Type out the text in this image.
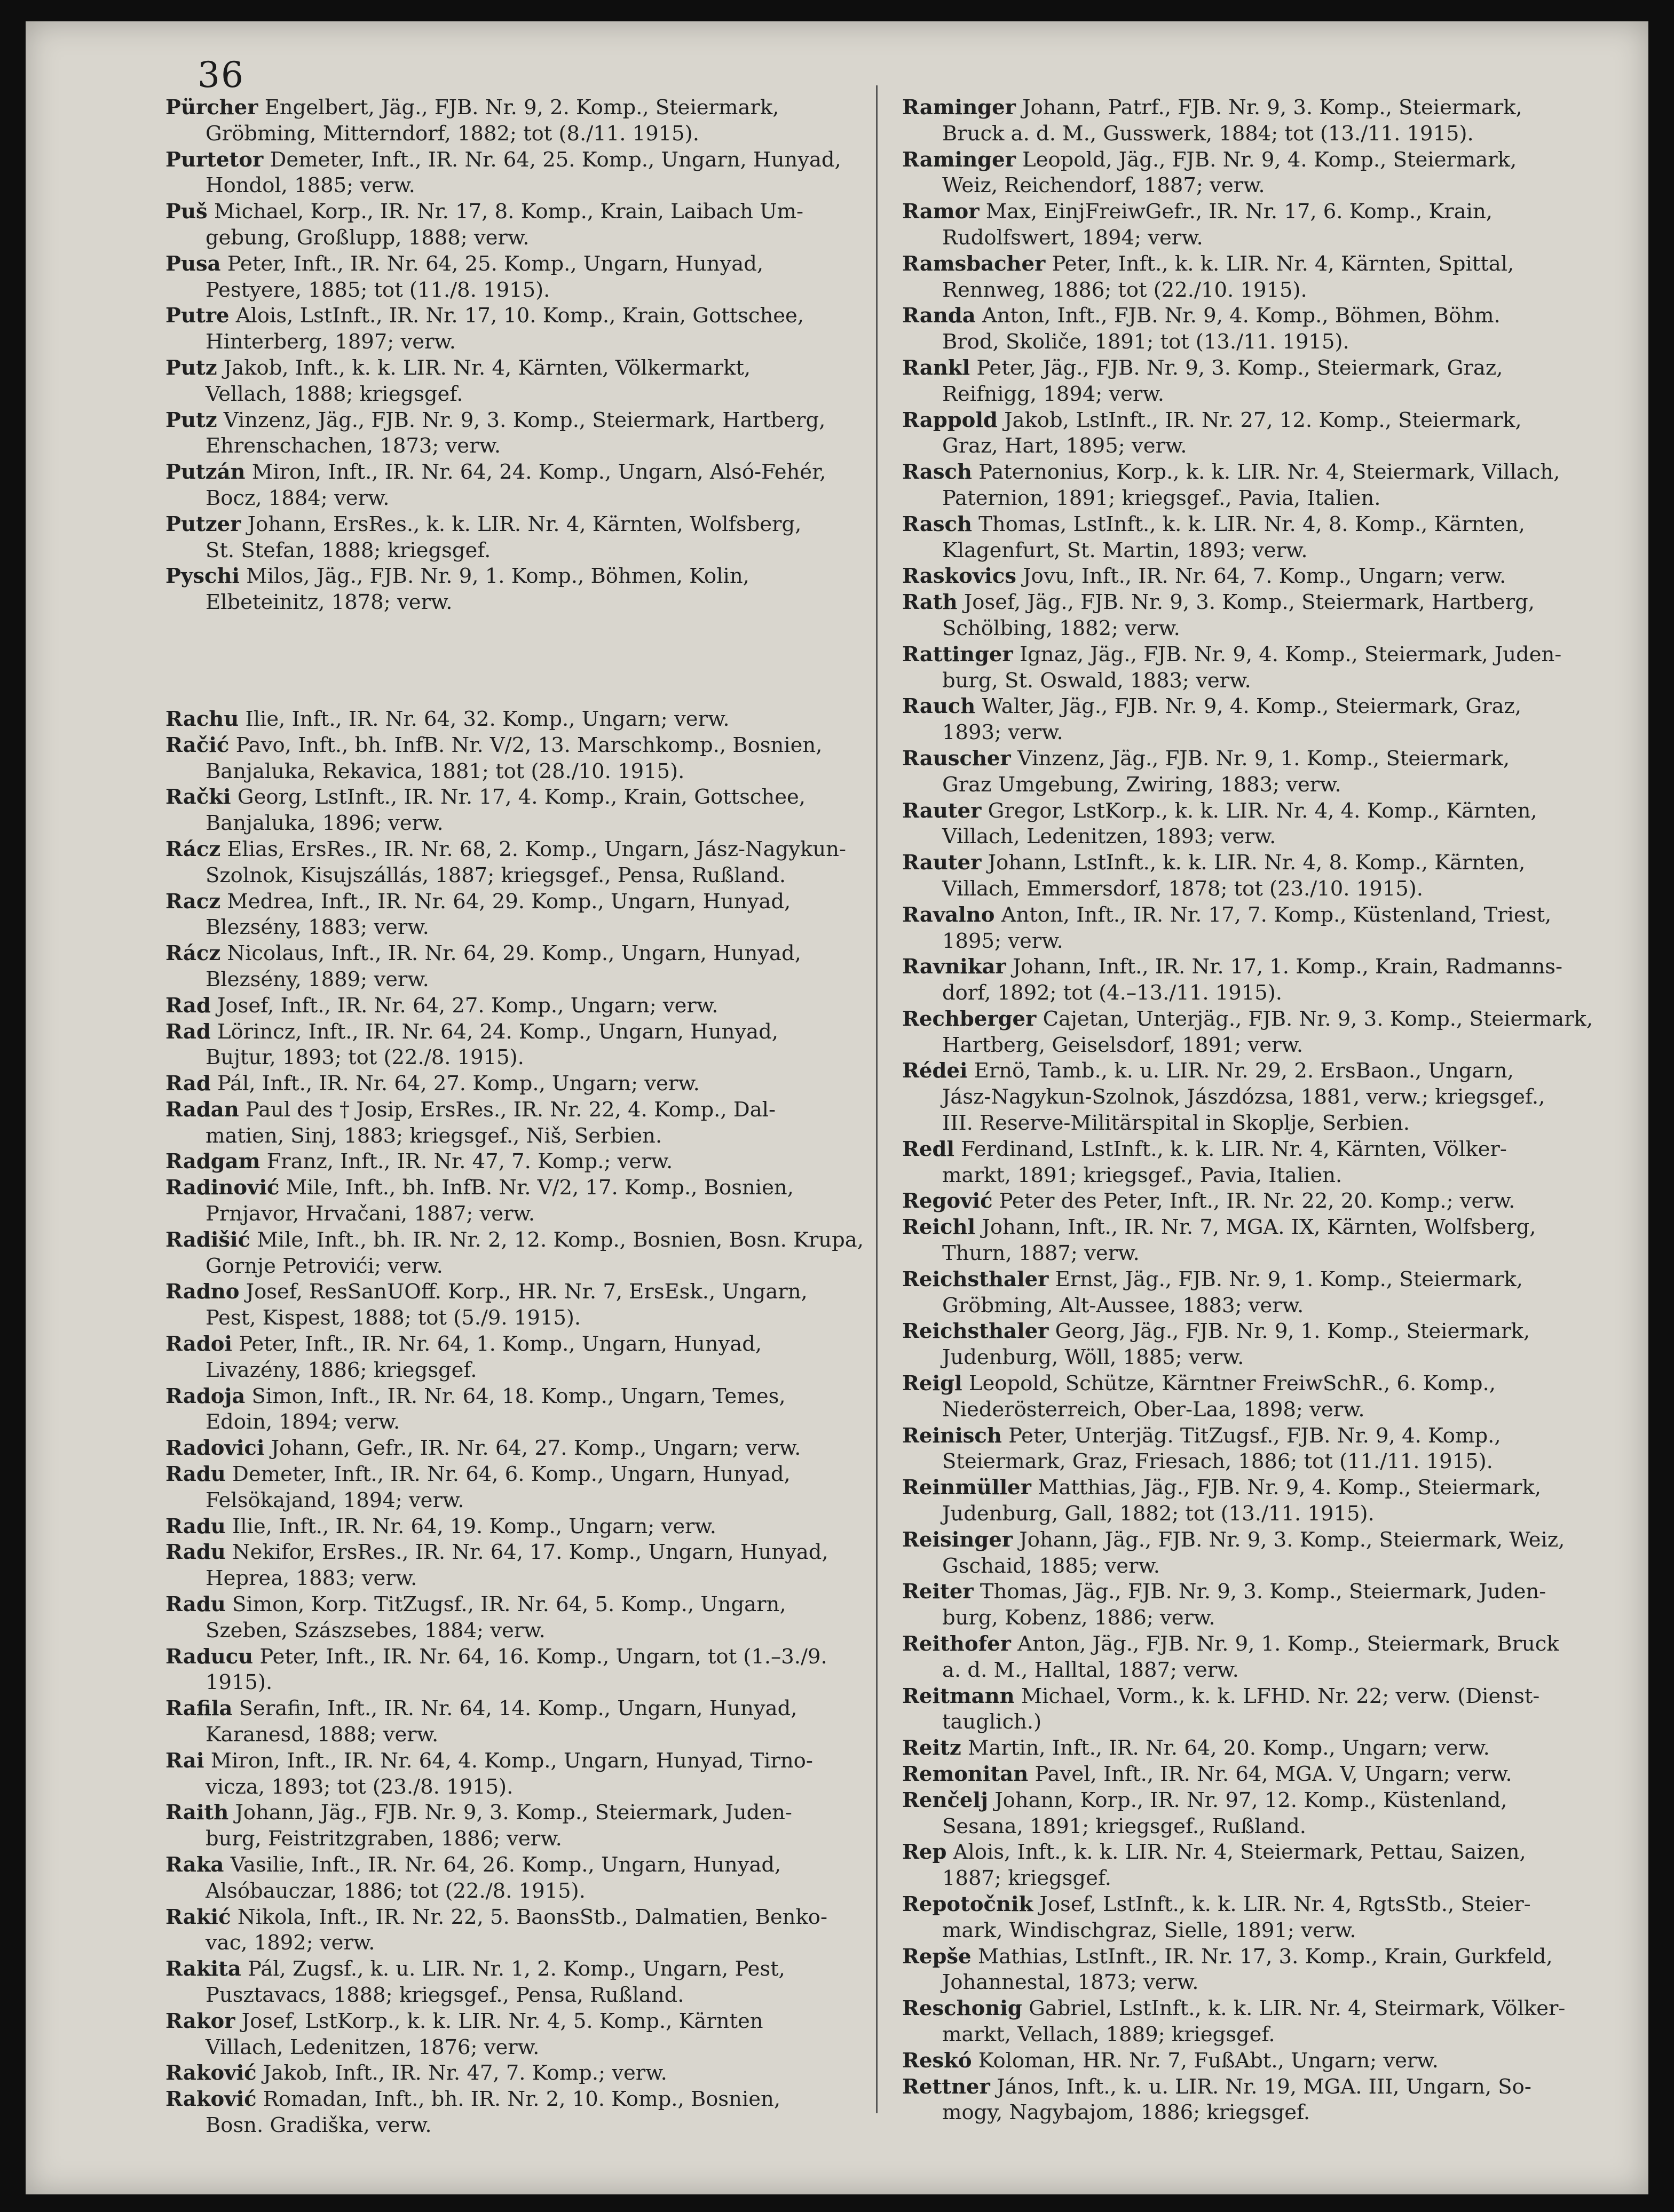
36

Pürcher Engelbert, Jäg., FJB. Nr. 9, 2. Komp., Steiermark,

Gröbming, Mitterndorf, 1882; tot (8./11. 1915).

Purtetor Demeter, Inft., IR. Nr. 64, 25. Komp., Ungarn, Hunyad,

Hondol, 1885; verw.

Puš Michael, Korp., IR. Nr. 17, 8. Komp., Krain, Laibach Um-

gebung, Großlupp, 1888; verw.

Pusa Peter, Inft., IR. Nr. 64, 25. Komp., Ungarn, Hunyad,

Pestyere, 1885; tot (11./8. 1915).

Putre Alois, LstInft., IR. Nr. 17, 10. Komp., Krain, Gottschee,

Hinterberg, 1897; verw.

Putz Jakob, Inft., k. k. LIR. Nr. 4, Kärnten, Völkermarkt,

Vellach, 1888; kriegsgef.

Putz Vinzenz, Jäg., FJB. Nr. 9, 3. Komp., Steiermark, Hartberg,

Ehrenschachen, 1873; verw.

Putzán Miron, Inft., IR. Nr. 64, 24. Komp., Ungarn, Alsó-Fehér,

Bocz, 1884; verw.

Putzer Johann, ErsRes., k. k. LIR. Nr. 4, Kärnten, Wolfsberg,

St. Stefan, 1888; kriegsgef.

Pyschi Milos, Jäg., FJB. Nr. 9, 1. Komp., Böhmen, Kolin,

Elbeteinitz, 1878; verw.

Rachu Ilie, Inft., IR. Nr. 64, 32. Komp., Ungarn; verw.

Račić Pavo, Inft., bh. InfB. Nr. V/2, 13. Marschkomp., Bosnien,

Banjaluka, Rekavica, 1881; tot (28./10. 1915).

Rački Georg, LstInft., IR. Nr. 17, 4. Komp., Krain, Gottschee,

Banjaluka, 1896; verw.

Rácz Elias, ErsRes., IR. Nr. 68, 2. Komp., Ungarn, Jász-Nagykun-

Szolnok, Kisujszállás, 1887; kriegsgef., Pensa, Rußland.

Racz Medrea, Inft., IR. Nr. 64, 29. Komp., Ungarn, Hunyad,

Blezsény, 1883; verw.

Rácz Nicolaus, Inft., IR. Nr. 64, 29. Komp., Ungarn, Hunyad,

Blezsény, 1889; verw.

Rad Josef, Inft., IR. Nr. 64, 27. Komp., Ungarn; verw.

Rad Lörincz, Inft., IR. Nr. 64, 24. Komp., Ungarn, Hunyad,

Bujtur, 1893; tot (22./8. 1915).

Rad Pál, Inft., IR. Nr. 64, 27. Komp., Ungarn; verw.

Radan Paul des † Josip, ErsRes., IR. Nr. 22, 4. Komp., Dal-

matien, Sinj, 1883; kriegsgef., Niš, Serbien.

Radgam Franz, Inft., IR. Nr. 47, 7. Komp.; verw.

Radinović Mile, Inft., bh. InfB. Nr. V/2, 17. Komp., Bosnien,

Prnjavor, Hrvačani, 1887; verw.

Radišić Mile, Inft., bh. IR. Nr. 2, 12. Komp., Bosnien, Bosn. Krupa,

Gornje Petrovići; verw.

Radno Josef, ResSanUOff. Korp., HR. Nr. 7, ErsEsk., Ungarn,

Pest, Kispest, 1888; tot (5./9. 1915).

Radoi Peter, Inft., IR. Nr. 64, 1. Komp., Ungarn, Hunyad,

Livazény, 1886; kriegsgef.

Radoja Simon, Inft., IR. Nr. 64, 18. Komp., Ungarn, Temes,

Edoin, 1894; verw.

Radovici Johann, Gefr., IR. Nr. 64, 27. Komp., Ungarn; verw.

Radu Demeter, Inft., IR. Nr. 64, 6. Komp., Ungarn, Hunyad,

Felsökajand, 1894; verw.

Radu Ilie, Inft., IR. Nr. 64, 19. Komp., Ungarn; verw.

Radu Nekifor, ErsRes., IR. Nr. 64, 17. Komp., Ungarn, Hunyad,

Heprea, 1883; verw.

Radu Simon, Korp. TitZugsf., IR. Nr. 64, 5. Komp., Ungarn,

Szeben, Szászsebes, 1884; verw.

Raducu Peter, Inft., IR. Nr. 64, 16. Komp., Ungarn, tot (1.–3./9.

1915).

Rafila Serafin, Inft., IR. Nr. 64, 14. Komp., Ungarn, Hunyad,

Karanesd, 1888; verw.

Rai Miron, Inft., IR. Nr. 64, 4. Komp., Ungarn, Hunyad, Tirno-

vicza, 1893; tot (23./8. 1915).

Raith Johann, Jäg., FJB. Nr. 9, 3. Komp., Steiermark, Juden-

burg, Feistritzgraben, 1886; verw.

Raka Vasilie, Inft., IR. Nr. 64, 26. Komp., Ungarn, Hunyad,

Alsóbauczar, 1886; tot (22./8. 1915).

Rakić Nikola, Inft., IR. Nr. 22, 5. BaonsStb., Dalmatien, Benko-

vac, 1892; verw.

Rakita Pál, Zugsf., k. u. LIR. Nr. 1, 2. Komp., Ungarn, Pest,

Pusztavacs, 1888; kriegsgef., Pensa, Rußland.

Rakor Josef, LstKorp., k. k. LIR. Nr. 4, 5. Komp., Kärnten

Villach, Ledenitzen, 1876; verw.

Raković Jakob, Inft., IR. Nr. 47, 7. Komp.; verw.

Raković Romadan, Inft., bh. IR. Nr. 2, 10. Komp., Bosnien,

Bosn. Gradiška, verw.

Raminger Johann, Patrf., FJB. Nr. 9, 3. Komp., Steiermark,

Bruck a. d. M., Gusswerk, 1884; tot (13./11. 1915).

Raminger Leopold, Jäg., FJB. Nr. 9, 4. Komp., Steiermark,

Weiz, Reichendorf, 1887; verw.

Ramor Max, EinjFreiwGefr., IR. Nr. 17, 6. Komp., Krain,

Rudolfswert, 1894; verw.

Ramsbacher Peter, Inft., k. k. LIR. Nr. 4, Kärnten, Spittal,

Rennweg, 1886; tot (22./10. 1915).

Randa Anton, Inft., FJB. Nr. 9, 4. Komp., Böhmen, Böhm.

Brod, Skoliče, 1891; tot (13./11. 1915).

Rankl Peter, Jäg., FJB. Nr. 9, 3. Komp., Steiermark, Graz,

Reifnigg, 1894; verw.

Rappold Jakob, LstInft., IR. Nr. 27, 12. Komp., Steiermark,

Graz, Hart, 1895; verw.

Rasch Paternonius, Korp., k. k. LIR. Nr. 4, Steiermark, Villach,

Paternion, 1891; kriegsgef., Pavia, Italien.

Rasch Thomas, LstInft., k. k. LIR. Nr. 4, 8. Komp., Kärnten,

Klagenfurt, St. Martin, 1893; verw.

Raskovics Jovu, Inft., IR. Nr. 64, 7. Komp., Ungarn; verw.

Rath Josef, Jäg., FJB. Nr. 9, 3. Komp., Steiermark, Hartberg,

Schölbing, 1882; verw.

Rattinger Ignaz, Jäg., FJB. Nr. 9, 4. Komp., Steiermark, Juden-

burg, St. Oswald, 1883; verw.

Rauch Walter, Jäg., FJB. Nr. 9, 4. Komp., Steiermark, Graz,

1893; verw.

Rauscher Vinzenz, Jäg., FJB. Nr. 9, 1. Komp., Steiermark,

Graz Umgebung, Zwiring, 1883; verw.

Rauter Gregor, LstKorp., k. k. LIR. Nr. 4, 4. Komp., Kärnten,

Villach, Ledenitzen, 1893; verw.

Rauter Johann, LstInft., k. k. LIR. Nr. 4, 8. Komp., Kärnten,

Villach, Emmersdorf, 1878; tot (23./10. 1915).

Ravalno Anton, Inft., IR. Nr. 17, 7. Komp., Küstenland, Triest,

1895; verw.

Ravnikar Johann, Inft., IR. Nr. 17, 1. Komp., Krain, Radmanns-

dorf, 1892; tot (4.–13./11. 1915).

Rechberger Cajetan, Unterjäg., FJB. Nr. 9, 3. Komp., Steiermark,

Hartberg, Geiselsdorf, 1891; verw.

Rédei Ernö, Tamb., k. u. LIR. Nr. 29, 2. ErsBaon., Ungarn,

Jász-Nagykun-Szolnok, Jászdózsa, 1881, verw.; kriegsgef.,

III. Reserve-Militärspital in Skoplje, Serbien.

Redl Ferdinand, LstInft., k. k. LIR. Nr. 4, Kärnten, Völker-

markt, 1891; kriegsgef., Pavia, Italien.

Regović Peter des Peter, Inft., IR. Nr. 22, 20. Komp.; verw.

Reichl Johann, Inft., IR. Nr. 7, MGA. IX, Kärnten, Wolfsberg,

Thurn, 1887; verw.

Reichsthaler Ernst, Jäg., FJB. Nr. 9, 1. Komp., Steiermark,

Gröbming, Alt-Aussee, 1883; verw.

Reichsthaler Georg, Jäg., FJB. Nr. 9, 1. Komp., Steiermark,

Judenburg, Wöll, 1885; verw.

Reigl Leopold, Schütze, Kärntner FreiwSchR., 6. Komp.,

Niederösterreich, Ober-Laa, 1898; verw.

Reinisch Peter, Unterjäg. TitZugsf., FJB. Nr. 9, 4. Komp.,

Steiermark, Graz, Friesach, 1886; tot (11./11. 1915).

Reinmüller Matthias, Jäg., FJB. Nr. 9, 4. Komp., Steiermark,

Judenburg, Gall, 1882; tot (13./11. 1915).

Reisinger Johann, Jäg., FJB. Nr. 9, 3. Komp., Steiermark, Weiz,

Gschaid, 1885; verw.

Reiter Thomas, Jäg., FJB. Nr. 9, 3. Komp., Steiermark, Juden-

burg, Kobenz, 1886; verw.

Reithofer Anton, Jäg., FJB. Nr. 9, 1. Komp., Steiermark, Bruck

a. d. M., Halltal, 1887; verw.

Reitmann Michael, Vorm., k. k. LFHD. Nr. 22; verw. (Dienst-

tauglich.)

Reitz Martin, Inft., IR. Nr. 64, 20. Komp., Ungarn; verw.

Remonitan Pavel, Inft., IR. Nr. 64, MGA. V, Ungarn; verw.

Renčelj Johann, Korp., IR. Nr. 97, 12. Komp., Küstenland,

Sesana, 1891; kriegsgef., Rußland.

Rep Alois, Inft., k. k. LIR. Nr. 4, Steiermark, Pettau, Saizen,

1887; kriegsgef.

Repotočnik Josef, LstInft., k. k. LIR. Nr. 4, RgtsStb., Steier-

mark, Windischgraz, Sielle, 1891; verw.

Repše Mathias, LstInft., IR. Nr. 17, 3. Komp., Krain, Gurkfeld,

Johannestal, 1873; verw.

Reschonig Gabriel, LstInft., k. k. LIR. Nr. 4, Steirmark, Völker-

markt, Vellach, 1889; kriegsgef.

Reskó Koloman, HR. Nr. 7, FußAbt., Ungarn; verw.

Rettner János, Inft., k. u. LIR. Nr. 19, MGA. III, Ungarn, So-

mogy, Nagybajom, 1886; kriegsgef.
